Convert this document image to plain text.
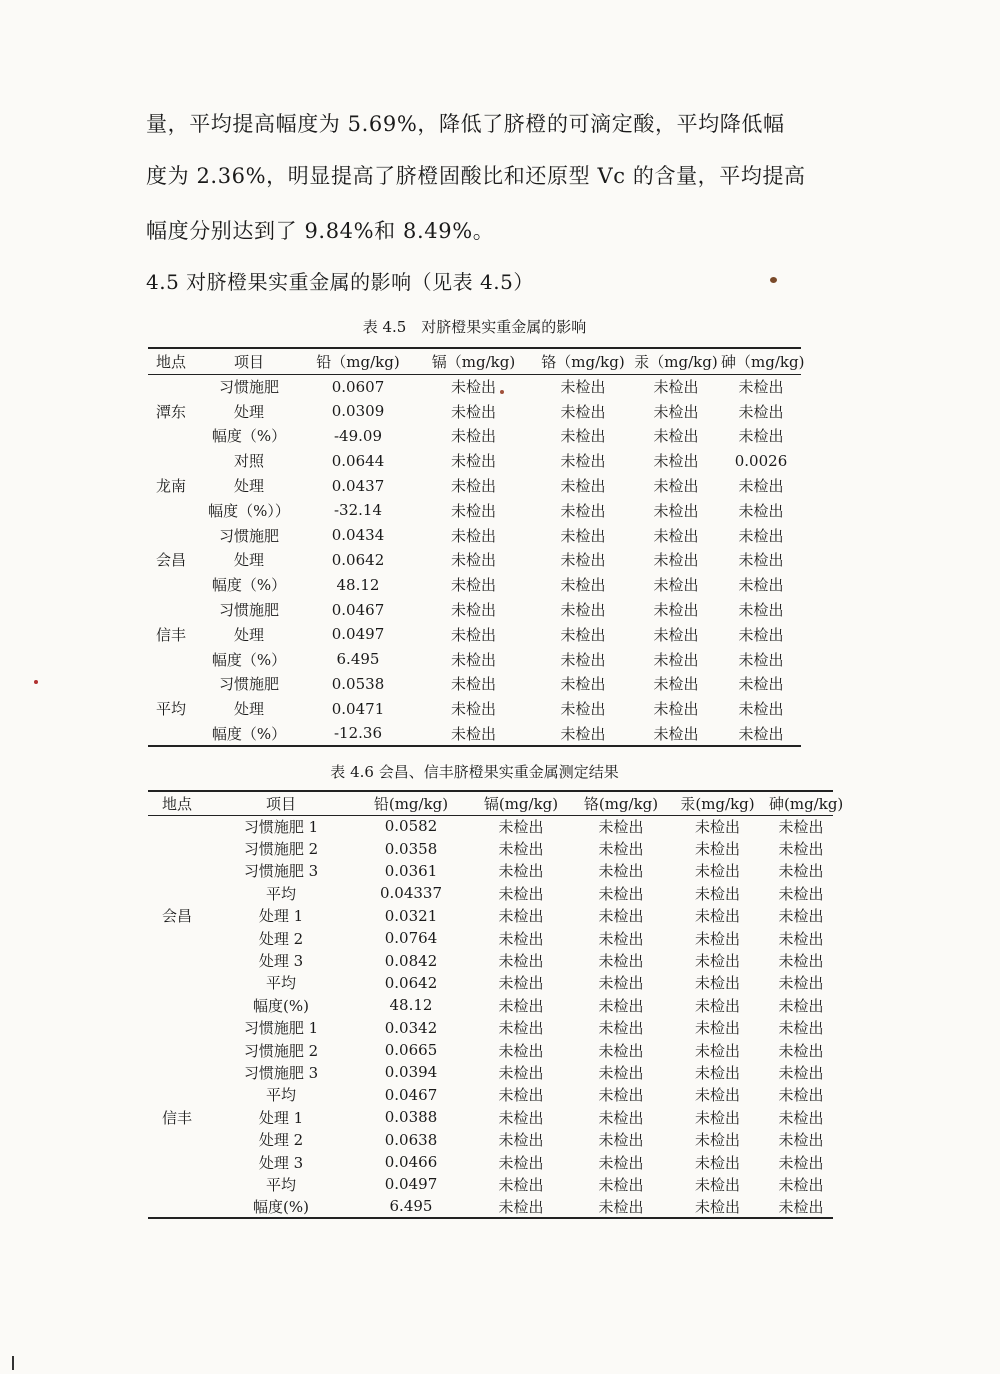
量，平均提高幅度为 5.69%，降低了脐橙的可滴定酸，平均降低幅
度为 2.36%，明显提高了脐橙固酸比和还原型 Vc 的含量，平均提高
幅度分别达到了 9.84%和 8.49%。
4.5 对脐橙果实重金属的影响（见表 4.5）
表 4.5　对脐橙果实重金属的影响
地点	项目	铅（mg/kg)	镉（mg/kg)	铬（mg/kg)	汞（mg/kg)	砷（mg/kg)
	习惯施肥	0.0607	未检出	未检出	未检出	未检出
潭东	处理	0.0309	未检出	未检出	未检出	未检出
	幅度（%）	-49.09	未检出	未检出	未检出	未检出
	对照	0.0644	未检出	未检出	未检出	0.0026
龙南	处理	0.0437	未检出	未检出	未检出	未检出
	幅度（%））	-32.14	未检出	未检出	未检出	未检出
	习惯施肥	0.0434	未检出	未检出	未检出	未检出
会昌	处理	0.0642	未检出	未检出	未检出	未检出
	幅度（%）	48.12	未检出	未检出	未检出	未检出
	习惯施肥	0.0467	未检出	未检出	未检出	未检出
信丰	处理	0.0497	未检出	未检出	未检出	未检出
	幅度（%）	6.495	未检出	未检出	未检出	未检出
	习惯施肥	0.0538	未检出	未检出	未检出	未检出
平均	处理	0.0471	未检出	未检出	未检出	未检出
	幅度（%）	-12.36	未检出	未检出	未检出	未检出
表 4.6 会昌、信丰脐橙果实重金属测定结果
地点	项目	铅(mg/kg)	镉(mg/kg)	铬(mg/kg)	汞(mg/kg)	砷(mg/kg)
	习惯施肥 1	0.0582	未检出	未检出	未检出	未检出
	习惯施肥 2	0.0358	未检出	未检出	未检出	未检出
	习惯施肥 3	0.0361	未检出	未检出	未检出	未检出
	平均	0.04337	未检出	未检出	未检出	未检出
会昌	处理 1	0.0321	未检出	未检出	未检出	未检出
	处理 2	0.0764	未检出	未检出	未检出	未检出
	处理 3	0.0842	未检出	未检出	未检出	未检出
	平均	0.0642	未检出	未检出	未检出	未检出
	幅度(%)	48.12	未检出	未检出	未检出	未检出
	习惯施肥 1	0.0342	未检出	未检出	未检出	未检出
	习惯施肥 2	0.0665	未检出	未检出	未检出	未检出
	习惯施肥 3	0.0394	未检出	未检出	未检出	未检出
	平均	0.0467	未检出	未检出	未检出	未检出
信丰	处理 1	0.0388	未检出	未检出	未检出	未检出
	处理 2	0.0638	未检出	未检出	未检出	未检出
	处理 3	0.0466	未检出	未检出	未检出	未检出
	平均	0.0497	未检出	未检出	未检出	未检出
	幅度(%)	6.495	未检出	未检出	未检出	未检出
